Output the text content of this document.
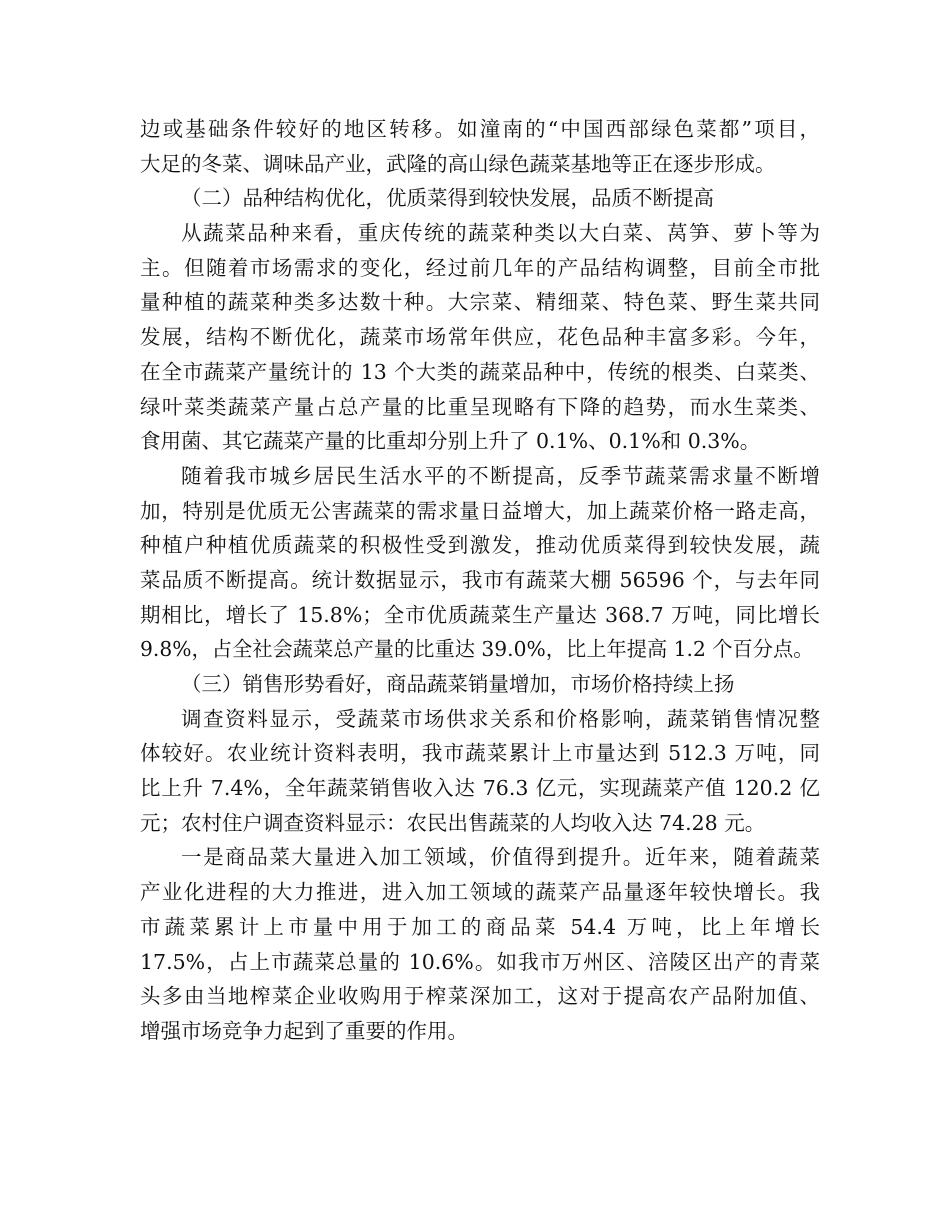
边或基础条件较好的地区转移。如潼南的“中国西部绿色菜都”项目，
大足的冬菜、调味品产业，武隆的高山绿色蔬菜基地等正在逐步形成。
（二）品种结构优化，优质菜得到较快发展，品质不断提高
从蔬菜品种来看，重庆传统的蔬菜种类以大白菜、莴笋、萝卜等为
主。但随着市场需求的变化，经过前几年的产品结构调整，目前全市批
量种植的蔬菜种类多达数十种。大宗菜、精细菜、特色菜、野生菜共同
发展，结构不断优化，蔬菜市场常年供应，花色品种丰富多彩。今年，
在全市蔬菜产量统计的 13 个大类的蔬菜品种中，传统的根类、白菜类、
绿叶菜类蔬菜产量占总产量的比重呈现略有下降的趋势，而水生菜类、
食用菌、其它蔬菜产量的比重却分别上升了 0.1%、0.1%和 0.3%。
随着我市城乡居民生活水平的不断提高，反季节蔬菜需求量不断增
加，特别是优质无公害蔬菜的需求量日益增大，加上蔬菜价格一路走高，
种植户种植优质蔬菜的积极性受到激发，推动优质菜得到较快发展，蔬
菜品质不断提高。统计数据显示，我市有蔬菜大棚 56596 个，与去年同
期相比，增长了 15.8%；全市优质蔬菜生产量达 368.7 万吨，同比增长
9.8%，占全社会蔬菜总产量的比重达 39.0%，比上年提高 1.2 个百分点。
（三）销售形势看好，商品蔬菜销量增加，市场价格持续上扬
调查资料显示，受蔬菜市场供求关系和价格影响，蔬菜销售情况整
体较好。农业统计资料表明，我市蔬菜累计上市量达到 512.3 万吨，同
比上升 7.4%，全年蔬菜销售收入达 76.3 亿元，实现蔬菜产值 120.2 亿
元；农村住户调查资料显示：农民出售蔬菜的人均收入达 74.28 元。
一是商品菜大量进入加工领域，价值得到提升。近年来，随着蔬菜
产业化进程的大力推进，进入加工领域的蔬菜产品量逐年较快增长。我
市蔬菜累计上市量中用于加工的商品菜 54.4 万吨，比上年增长
17.5%，占上市蔬菜总量的 10.6%。如我市万州区、涪陵区出产的青菜
头多由当地榨菜企业收购用于榨菜深加工，这对于提高农产品附加值、
增强市场竞争力起到了重要的作用。
